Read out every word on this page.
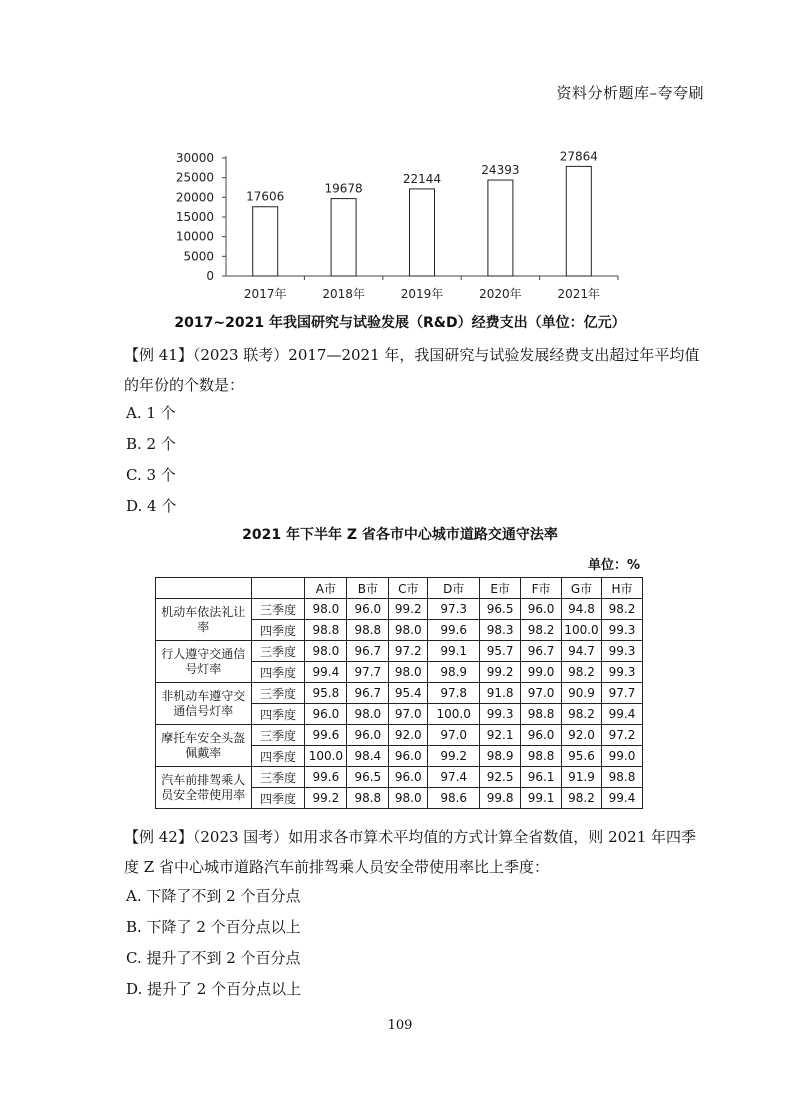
资料分析题库–夸夸刷
0
5000
10000
15000
20000
25000
30000
17606
2017年
19678
2018年
22144
2019年
24393
2020年
27864
2021年
2017~2021 年我国研究与试验发展（R&D）经费支出（单位：亿元）
【例 41】（2023 联考）2017—2021 年，我国研究与试验发展经费支出超过年平均值的年份的个数是：
A. 1 个
B. 2 个
C. 3 个
D. 4 个
2021 年下半年 Z 省各市中心城市道路交通守法率
单位：%
		A市	B市	C市	D市	E市	F市	G市	H市
机动车依法礼让率	三季度	98.0	96.0	99.2	97.3	96.5	96.0	94.8	98.2
	四季度	98.8	98.8	98.0	99.6	98.3	98.2	100.0	99.3
行人遵守交通信号灯率	三季度	98.0	96.7	97.2	99.1	95.7	96.7	94.7	99.3
	四季度	99.4	97.7	98.0	98.9	99.2	99.0	98.2	99.3
非机动车遵守交通信号灯率	三季度	95.8	96.7	95.4	97.8	91.8	97.0	90.9	97.7
	四季度	96.0	98.0	97.0	100.0	99.3	98.8	98.2	99.4
摩托车安全头盔佩戴率	三季度	99.6	96.0	92.0	97.0	92.1	96.0	92.0	97.2
	四季度	100.0	98.4	96.0	99.2	98.9	98.8	95.6	99.0
汽车前排驾乘人员安全带使用率	三季度	99.6	96.5	96.0	97.4	92.5	96.1	91.9	98.8
	四季度	99.2	98.8	98.0	98.6	99.8	99.1	98.2	99.4
【例 42】（2023 国考）如用求各市算术平均值的方式计算全省数值，则 2021 年四季度 Z 省中心城市道路汽车前排驾乘人员安全带使用率比上季度：
A. 下降了不到 2 个百分点
B. 下降了 2 个百分点以上
C. 提升了不到 2 个百分点
D. 提升了 2 个百分点以上
109
